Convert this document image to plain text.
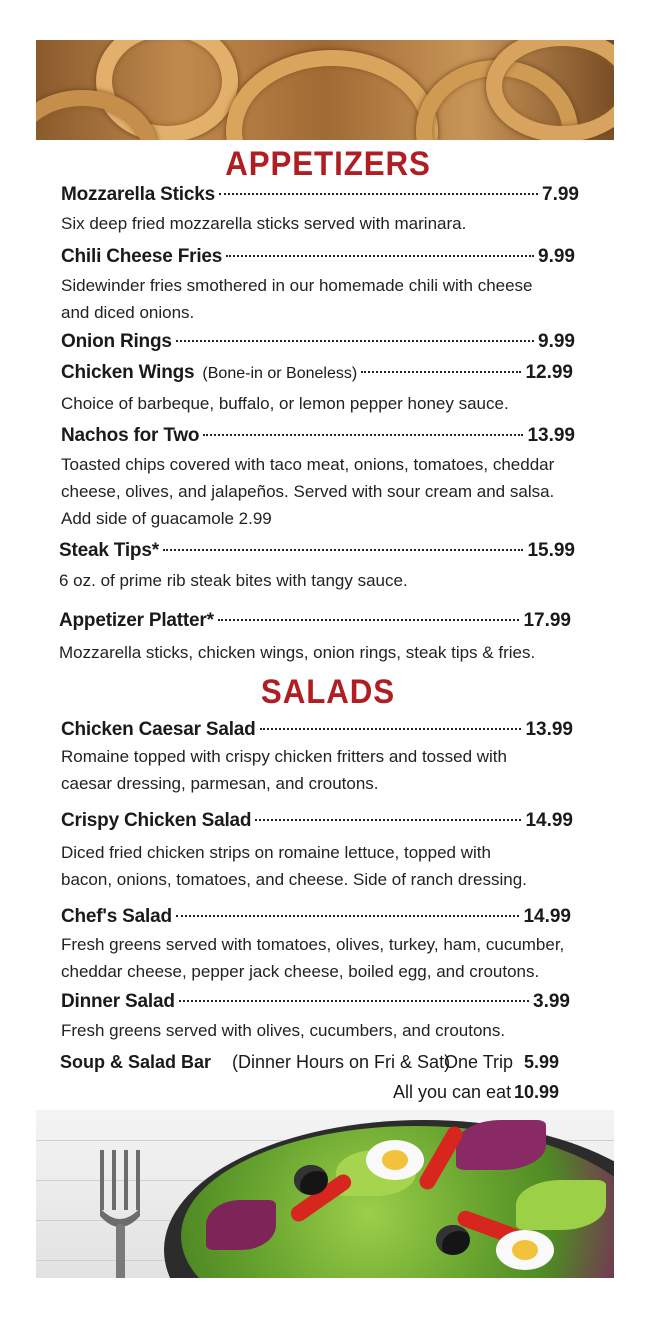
APPETIZERS
Mozzarella Sticks	7.99
Six deep fried mozzarella sticks served with marinara.
Chili Cheese Fries	9.99
Sidewinder fries smothered in our homemade chili with cheese
and diced onions.
Onion Rings	9.99
Chicken Wings (Bone-in or Boneless)	12.99
Choice of barbeque, buffalo, or lemon pepper honey sauce.
Nachos for Two	13.99
Toasted chips covered with taco meat, onions, tomatoes, cheddar
cheese, olives, and jalapeños. Served with sour cream and salsa.
Add side of guacamole 2.99
Steak Tips*	15.99
6 oz. of prime rib steak bites with tangy sauce.
Appetizer Platter*	17.99
Mozzarella sticks, chicken wings, onion rings, steak tips & fries.
SALADS
Chicken Caesar Salad	13.99
Romaine topped with crispy chicken fritters and tossed with
caesar dressing, parmesan, and croutons.
Crispy Chicken Salad	14.99
Diced fried chicken strips on romaine lettuce, topped with
bacon, onions, tomatoes, and cheese. Side of ranch dressing.
Chef's Salad	14.99
Fresh greens served with tomatoes, olives, turkey, ham, cucumber,
cheddar cheese, pepper jack cheese, boiled egg, and croutons.
Dinner Salad	3.99
Fresh greens served with olives, cucumbers, and croutons.
Soup & Salad Bar (Dinner Hours on Fri & Sat)
One Trip 5.99
All you can eat 10.99
